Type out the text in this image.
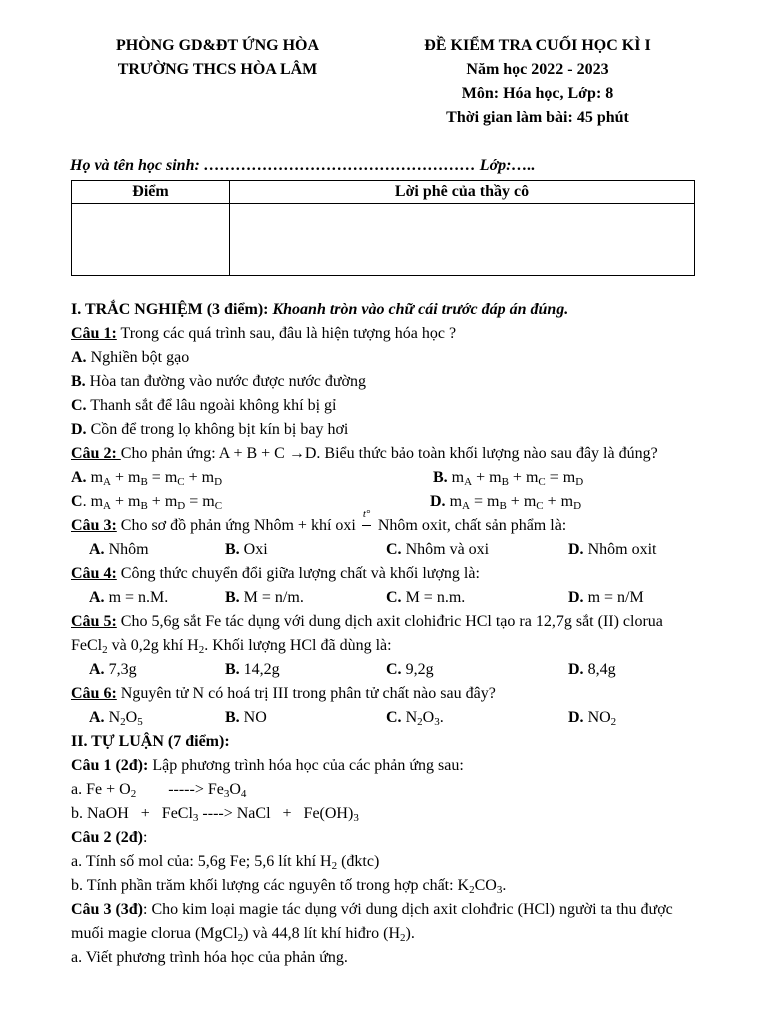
PHÒNG GD&ĐT ỨNG HÒA
TRƯỜNG THCS HÒA LÂM
ĐỀ KIỂM TRA CUỐI HỌC KÌ I
Năm học 2022 - 2023
Môn: Hóa học, Lớp: 8
Thời gian làm bài: 45 phút
Họ và tên học sinh: …………………………………………… Lớp:…..
Điểm	Lời phê của thầy cô

I. TRẮC NGHIỆM (3 điểm): Khoanh tròn vào chữ cái trước đáp án đúng.
Câu 1: Trong các quá trình sau, đâu là hiện tượng hóa học ?
A. Nghiền bột gạo
B. Hòa tan đường vào nước được nước đường
C. Thanh sắt để lâu ngoài không khí bị gỉ
D. Cồn để trong lọ không bịt kín bị bay hơi
Câu 2: Cho phản ứng: A + B + C →D. Biểu thức bảo toàn khối lượng nào sau đây là đúng?
A. $m_A + m_B = m_C + m_D$	B. $m_A + m_B + m_C = m_D$
C. $m_A + m_B + m_D = m_C$	D. $m_A = m_B + m_C + m_D$
Câu 3: Cho sơ đồ phản ứng Nhôm + khí oxi
t°
Nhôm oxit, chất sản phẩm là:
A. Nhôm	B. Oxi	C. Nhôm và oxi	D. Nhôm oxit
Câu 4: Công thức chuyển đổi giữa lượng chất và khối lượng là:
A. m = n.M.	B. M = n/m.	C. M = n.m.	D. m = n/M
Câu 5: Cho 5,6g sắt Fe tác dụng với dung dịch axit clohiđric HCl tạo ra 12,7g sắt (II) clorua
FeCl$_2$ và 0,2g khí $H_2$. Khối lượng HCl đã dùng là:
A. 7,3g	B. 14,2g	C. 9,2g	D. 8,4g
Câu 6: Nguyên tử N có hoá trị III trong phân tử chất nào sau đây?
A. $N_2O_5$	B. NO	C. $N_2O_3$.	D. $NO_2$
II. TỰ LUẬN (7 điểm):
Câu 1 (2đ): Lập phương trình hóa học của các phản ứng sau:
a. $Fe + O_2$        -----> $Fe_3O_4$
b. NaOH   +   FeCl$_3$ ----> NaCl   +   $Fe(OH)_3$
Câu 2 (2đ):
a. Tính số mol của: 5,6g Fe; 5,6 lít khí $H_2$ (đktc)
b. Tính phần trăm khối lượng các nguyên tố trong hợp chất: $K_2CO_3$.
Câu 3 (3đ): Cho kim loại magie tác dụng với dung dịch axit clohđric (HCl) người ta thu được
muối magie clorua (MgCl$_2$) và 44,8 lít khí hiđro $(H_2)$.
a. Viết phương trình hóa học của phản ứng.
